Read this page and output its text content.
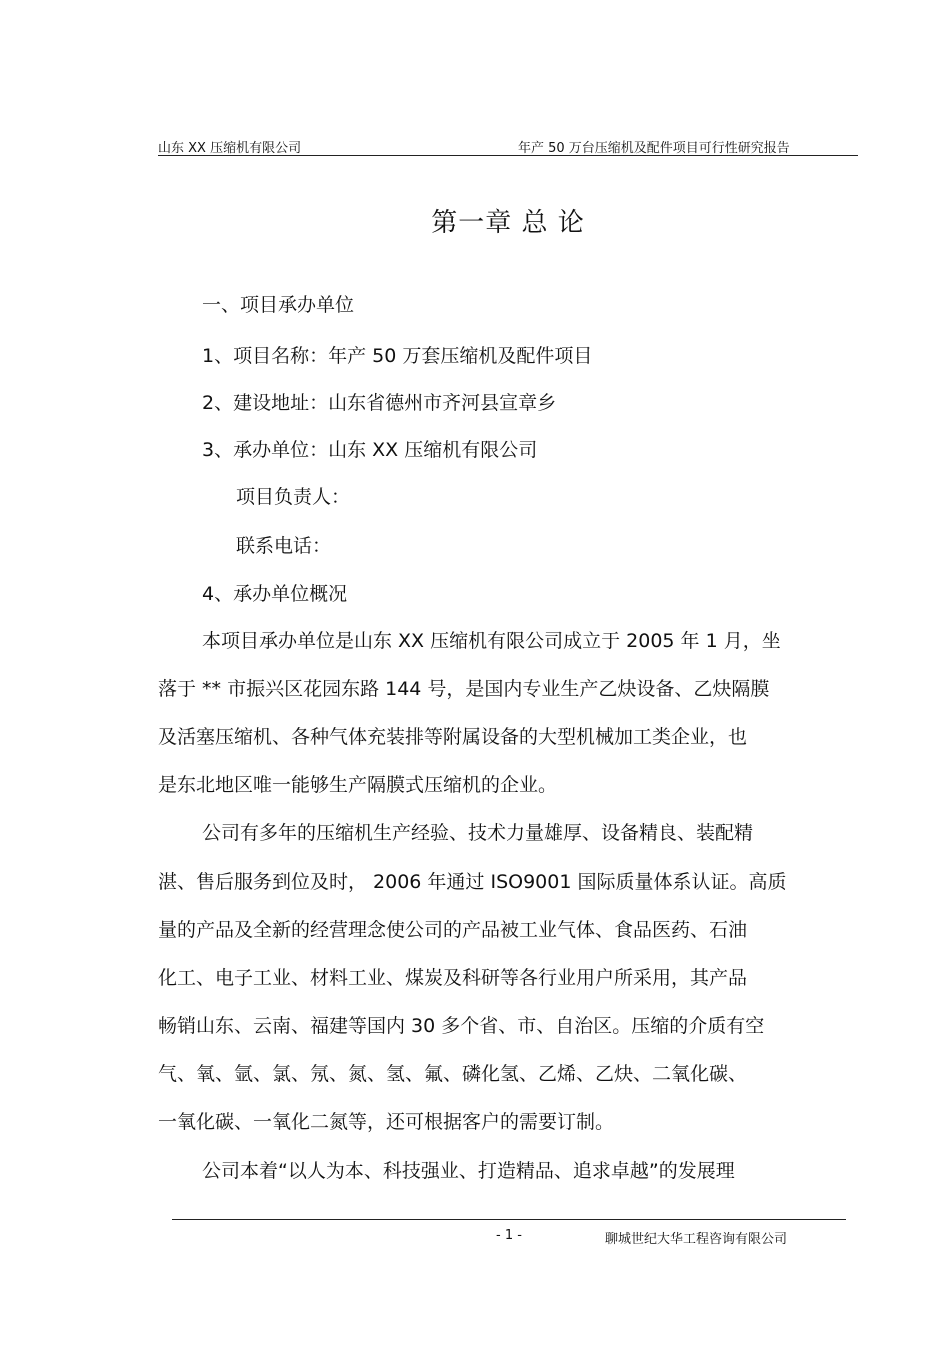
山东 XX 压缩机有限公司	年产 50 万台压缩机及配件项目可行性研究报告
第一章 总 论
一、项目承办单位
1、项目名称：年产 50 万套压缩机及配件项目
2、建设地址：山东省德州市齐河县宣章乡
3、承办单位：山东 XX 压缩机有限公司
项目负责人：
联系电话：
4、承办单位概况
本项目承办单位是山东 XX 压缩机有限公司成立于 2005 年 1 月，坐
落于 ** 市振兴区花园东路 144 号，是国内专业生产乙炔设备、乙炔隔膜
及活塞压缩机、各种气体充装排等附属设备的大型机械加工类企业，也
是东北地区唯一能够生产隔膜式压缩机的企业。
公司有多年的压缩机生产经验、技术力量雄厚、设备精良、装配精
湛、售后服务到位及时， 2006 年通过 ISO9001 国际质量体系认证。高质
量的产品及全新的经营理念使公司的产品被工业气体、食品医药、石油
化工、电子工业、材料工业、煤炭及科研等各行业用户所采用，其产品
畅销山东、云南、福建等国内 30 多个省、市、自治区。压缩的介质有空
气、氧、氩、氯、氖、氮、氢、氟、磷化氢、乙烯、乙炔、二氧化碳、
一氧化碳、一氧化二氮等，还可根据客户的需要订制。
公司本着“以人为本、科技强业、打造精品、追求卓越”的发展理
- 1 -	聊城世纪大华工程咨询有限公司
